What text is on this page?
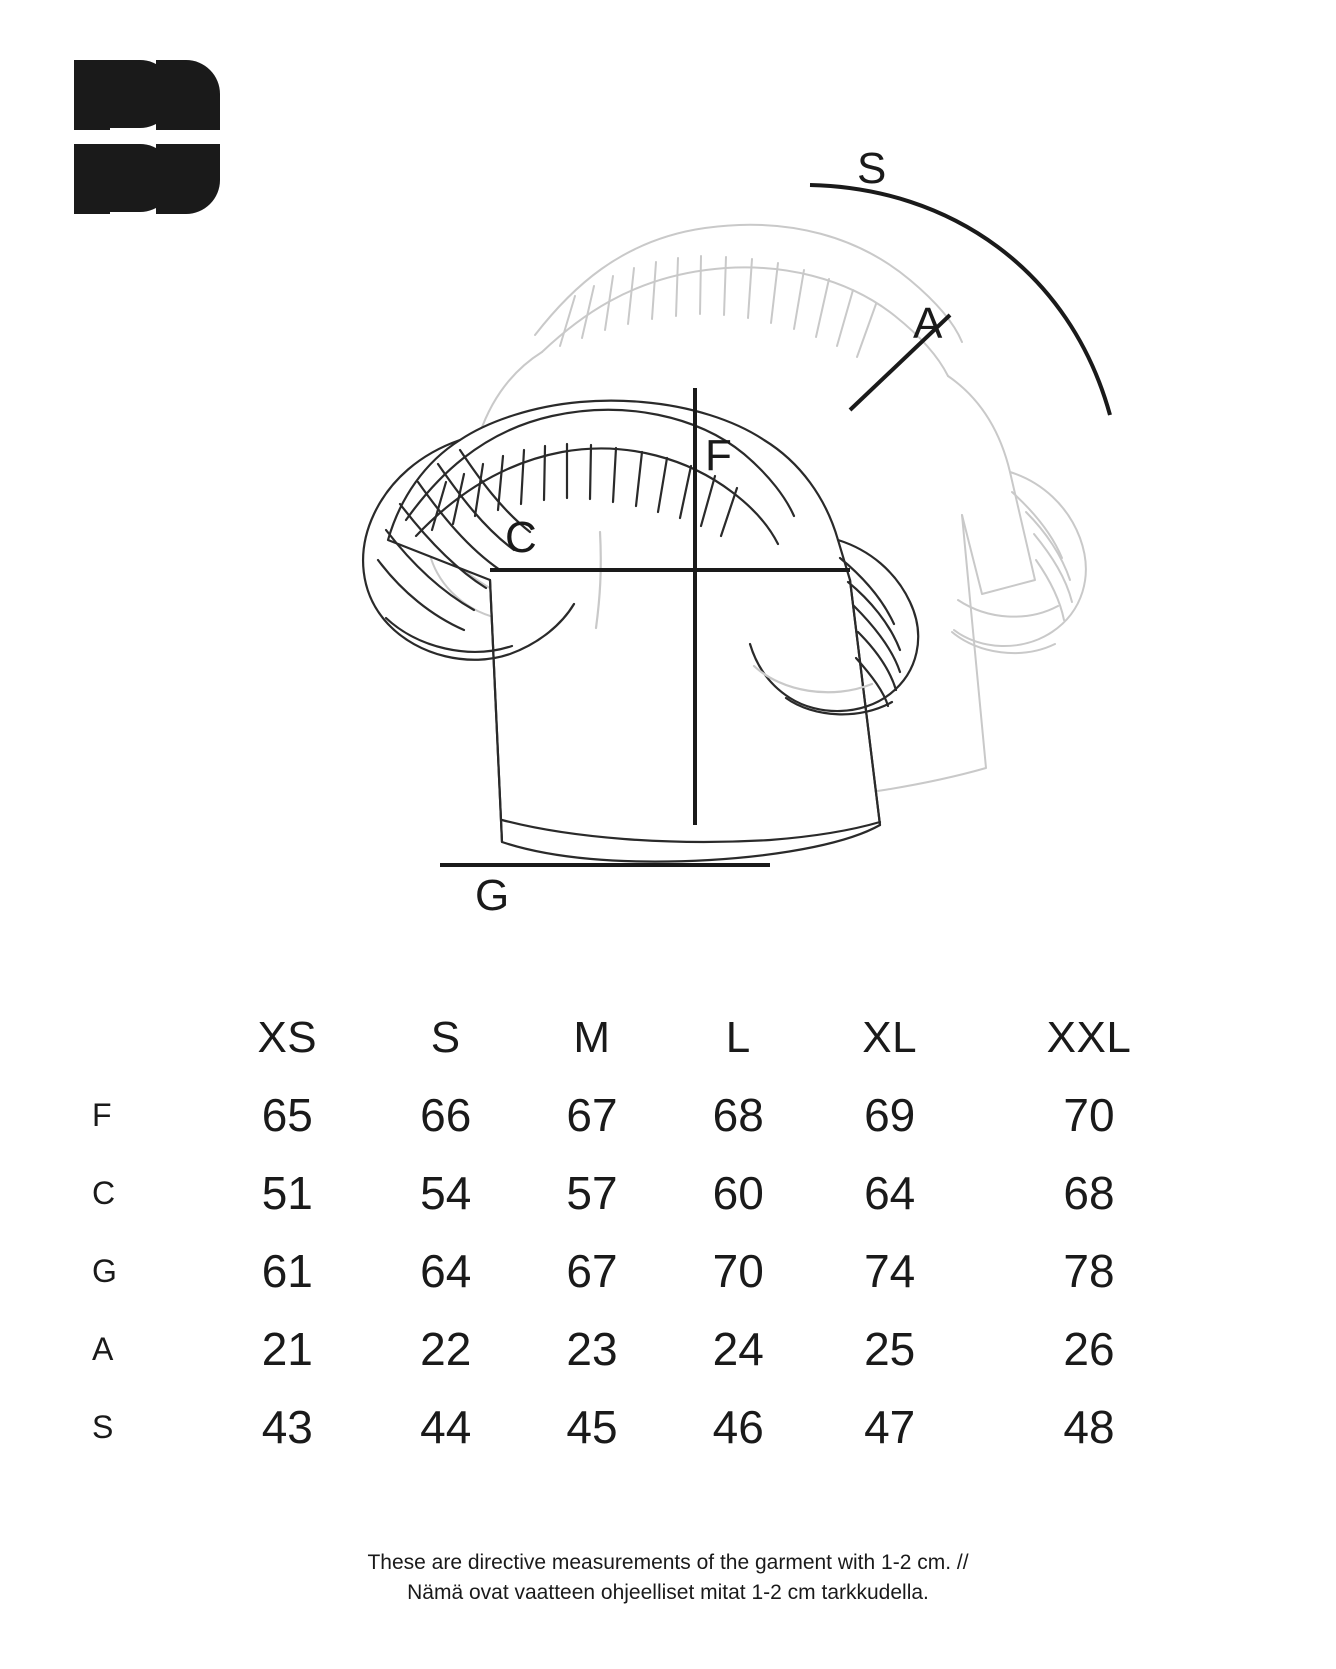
S
A
C
F
G
	XS	S	M	L	XL	XXL
F	65	66	67	68	69	70
C	51	54	57	60	64	68
G	61	64	67	70	74	78
A	21	22	23	24	25	26
S	43	44	45	46	47	48
These are directive measurements of the garment with 1-2 cm. //
Nämä ovat vaatteen ohjeelliset mitat 1-2 cm tarkkudella.
